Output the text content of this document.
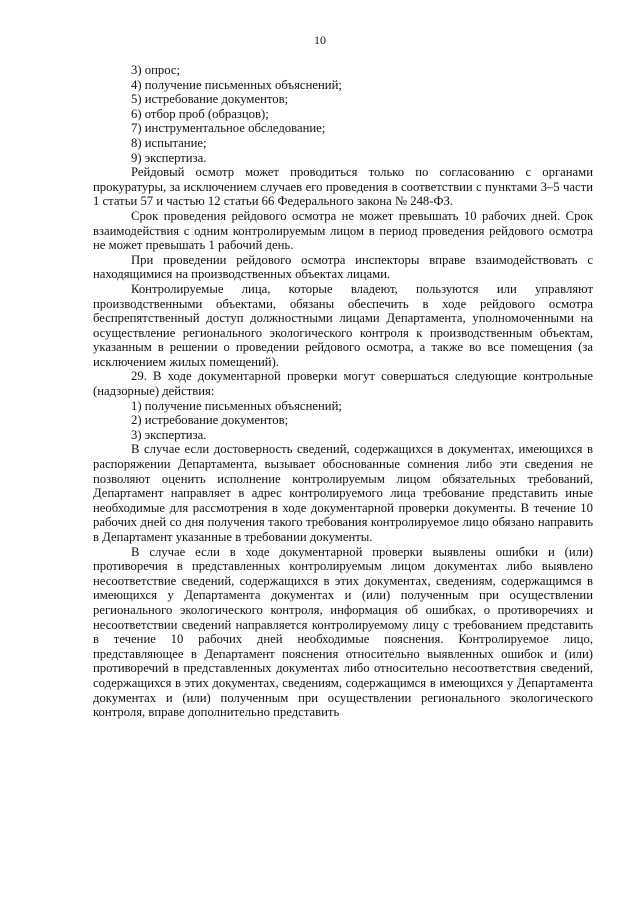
10

3) опрос;

4) получение письменных объяснений;

5) истребование документов;

6) отбор проб (образцов);

7) инструментальное обследование;

8) испытание;

9) экспертиза.

Рейдовый осмотр может проводиться только по согласованию с органами прокуратуры, за исключением случаев его проведения в соответствии с пунктами 3–5 части 1 статьи 57 и частью 12 статьи 66 Федерального закона № 248-ФЗ.

Срок проведения рейдового осмотра не может превышать 10 рабочих дней. Срок взаимодействия с одним контролируемым лицом в период проведения рейдового осмотра не может превышать 1 рабочий день.

При проведении рейдового осмотра инспекторы вправе взаимодействовать с находящимися на производственных объектах лицами.

Контролируемые лица, которые владеют, пользуются или управляют производственными объектами, обязаны обеспечить в ходе рейдового осмотра беспрепятственный доступ должностными лицами Департамента, уполномоченными на осуществление регионального экологического контроля к производственным объектам, указанным в решении о проведении рейдового осмотра, а также во все помещения (за исключением жилых помещений).

29. В ходе документарной проверки могут совершаться следующие контрольные (надзорные) действия:

1) получение письменных объяснений;

2) истребование документов;

3) экспертиза.

В случае если достоверность сведений, содержащихся в документах, имеющихся в распоряжении Департамента, вызывает обоснованные сомнения либо эти сведения не позволяют оценить исполнение контролируемым лицом обязательных требований, Департамент направляет в адрес контролируемого лица требование представить иные необходимые для рассмотрения в ходе документарной проверки документы. В течение 10 рабочих дней со дня получения такого требования контролируемое лицо обязано направить в Департамент указанные в требовании документы.

В случае если в ходе документарной проверки выявлены ошибки и (или) противоречия в представленных контролируемым лицом документах либо выявлено несоответствие сведений, содержащихся в этих документах, сведениям, содержащимся в имеющихся у Департамента документах и (или) полученным при осуществлении регионального экологического контроля, информация об ошибках, о противоречиях и несоответствии сведений направляется контролируемому лицу с требованием представить в течение 10 рабочих дней необходимые пояснения. Контролируемое лицо, представляющее в Департамент пояснения относительно выявленных ошибок и (или) противоречий в представленных документах либо относительно несоответствия сведений, содержащихся в этих документах, сведениям, содержащимся в имеющихся у Департамента документах и (или) полученным при осуществлении регионального экологического контроля, вправе дополнительно представить
